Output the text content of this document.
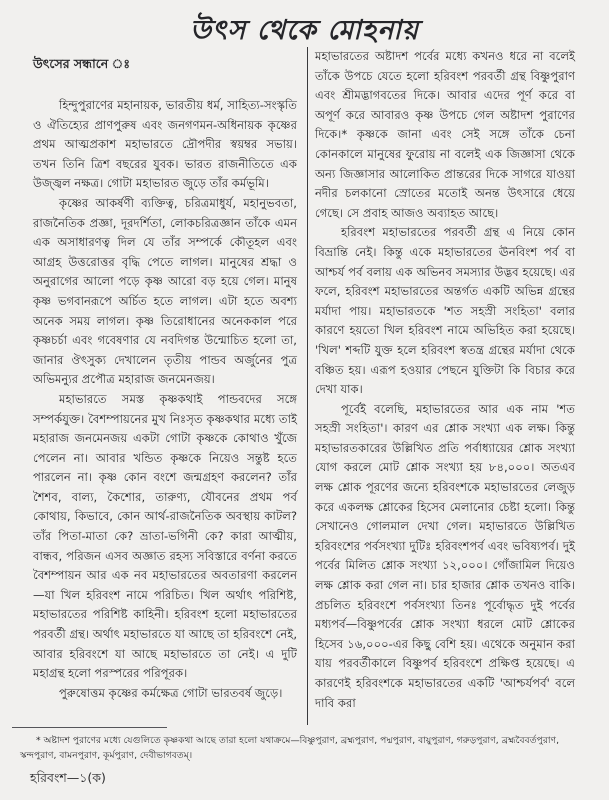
উৎস থেকে মোহনায়
উৎসের সন্ধানে ঃ

হিন্দুপুরাণের মহানায়ক, ভারতীয় ধর্ম, সাহিত্য-সংস্কৃতি ও ঐতিহ্যের প্রাণপুরুষ এবং জনগণমন-অধিনায়ক কৃষ্ণের প্রথম আত্মপ্রকাশ মহাভারতে দ্রৌপদীর স্বয়ম্বর সভায়। তখন তিনি ত্রিশ বছরের যুবক। ভারত রাজনীতিতে এক উজ্জ্বল নক্ষত্র। গোটা মহাভারত জুড়ে তাঁর কর্মভূমি।

কৃষ্ণের আকর্ষণী ব্যক্তিত্ব, চরিত্রমাধুর্য, মহানুভবতা, রাজনৈতিক প্রজ্ঞা, দূরদর্শিতা, লোকচরিত্রজ্ঞান তাঁকে এমন এক অসাধারণত্ব দিল যে তাঁর সম্পর্কে কৌতূহল এবং আগ্রহ উত্তরোত্তর বৃদ্ধি পেতে লাগল। মানুষের শ্রদ্ধা ও অনুরাগের আলো পড়ে কৃষ্ণ আরো বড় হয়ে গেল। মানুষ কৃষ্ণ ভগবানরূপে অর্চিত হতে লাগল। এটা হতে অবশ্য অনেক সময় লাগল। কৃষ্ণ তিরোধানের অনেককাল পরে কৃষ্ণচর্চা এবং গবেষণার যে নবদিগন্ত উন্মোচিত হলো তা, জানার ঔৎসুক্য দেখালেন তৃতীয় পান্ডব অর্জুনের পুত্র অভিমন্যুর প্রপৌত্র মহারাজ জনমেনজয়।

মহাভারতে সমস্ত কৃষ্ণকথাই পান্ডবদের সঙ্গে সম্পর্কযুক্ত। বৈশম্পায়নের মুখ নিঃসৃত কৃষ্ণকথার মধ্যে তাই মহারাজ জনমেনজয় একটা গোটা কৃষ্ণকে কোথাও খুঁজে পেলেন না। আবার খন্ডিত কৃষ্ণকে নিয়েও সন্তুষ্ট হতে পারলেন না। কৃষ্ণ কোন বংশে জন্মগ্রহণ করলেন? তাঁর শৈশব, বাল্য, কৈশোর, তারুণ্য, যৌবনের প্রথম পর্ব কোথায়, কিভাবে, কোন আর্থ-রাজনৈতিক অবস্থায় কাটল? তাঁর পিতা-মাতা কে? ভ্রাতা-ভগিনী কে? কারা আত্মীয়, বান্ধব, পরিজন এসব অজ্ঞাত রহস্য সবিস্তারে বর্ণনা করতে বৈশম্পায়ন আর এক নব মহাভারতের অবতারণা করলেন —যা খিল হরিবংশ নামে পরিচিত। খিল অর্থাৎ পরিশিষ্ট, মহাভারতের পরিশিষ্ট কাহিনী। হরিবংশ হলো মহাভারতের পরবর্তী গ্রন্থ। অর্থাৎ মহাভারতে যা আছে তা হরিবংশে নেই, আবার হরিবংশে যা আছে মহাভারতে তা নেই। এ দুটি মহাগ্রন্থ হলো পরস্পরের পরিপূরক।

পুরুষোত্তম কৃষ্ণের কর্মক্ষেত্র গোটা ভারতবর্ষ জুড়ে।

মহাভারতের অষ্টাদশ পর্বের মধ্যে কখনও ধরে না বলেই তাঁকে উপচে যেতে হলো হরিবংশ পরবর্তী গ্রন্থ বিষ্ণুপুরাণ এবং শ্রীমদ্ভাগবতের দিকে। আবার এদের পূর্ণ করে বা অপূর্ণ করে আবারও কৃষ্ণ উপচে গেল অষ্টাদশ পুরাণের দিকে।* কৃষ্ণকে জানা এবং সেই সঙ্গে তাঁকে চেনা কোনকালে মানুষের ফুরোয় না বলেই এক জিজ্ঞাসা থেকে অন্য জিজ্ঞাসার আলোকিত প্রান্তরের দিকে সাগরে যাওয়া নদীর চলকানো স্রোতের মতোই অনন্ত উৎসারে ধেয়ে গেছে। সে প্রবাহ আজও অব্যাহত আছে।

হরিবংশ মহাভারতের পরবর্তী গ্রন্থ এ নিয়ে কোন বিভ্রান্তি নেই। কিন্তু একে মহাভারতের ঊনবিংশ পর্ব বা আশ্চর্য পর্ব বলায় এক অভিনব সমস্যার উদ্ভব হয়েছে। এর ফলে, হরিবংশ মহাভারতের অন্তর্গত একটি অভিন্ন গ্রন্থের মর্যাদা পায়। মহাভারতকে 'শত সহস্রী সংহিতা' বলার কারণে হয়তো খিল হরিবংশ নামে অভিহিত করা হয়েছে। 'খিল' শব্দটি যুক্ত হলে হরিবংশ স্বতন্ত্র গ্রন্থের মর্যাদা থেকে বঞ্চিত হয়। এরূপ হওয়ার পেছনে যুক্তিটা কি বিচার করে দেখা যাক।

পূর্বেই বলেছি, মহাভারতের আর এক নাম 'শত সহস্রী সংহিতা'। কারণ এর শ্লোক সংখ্যা এক লক্ষ। কিন্তু মহাভারতকারের উল্লিখিত প্রতি পর্বাধ্যায়ের শ্লোক সংখ্যা যোগ করলে মোট শ্লোক সংখ্যা হয় ৮৪,০০০। অতএব লক্ষ শ্লোক পূরণের জন্যে হরিবংশকে মহাভারতের লেজুড় করে একলক্ষ শ্লোকের হিসেব মেলানোর চেষ্টা হলো। কিন্তু সেখানেও গোলমাল দেখা গেল। মহাভারতে উল্লিখিত হরিবংশের পর্বসংখ্যা দুটিঃ হরিবংশপর্ব এবং ভবিষ্যপর্ব। দুই পর্বের মিলিত শ্লোক সংখ্যা ১২,০০০। গোঁজামিল দিয়েও লক্ষ শ্লোক করা গেল না। চার হাজার শ্লোক তখনও বাকি। প্রচলিত হরিবংশে পর্বসংখ্যা তিনঃ পূর্বোদ্ধৃত দুই পর্বের মধ্যপর্ব—বিষ্ণুপর্বের শ্লোক সংখ্যা ধরলে মোট শ্লোকের হিসেব ১৬,০০০-এর কিছু বেশি হয়। এথেকে অনুমান করা যায় পরবর্তীকালে বিষ্ণুপর্ব হরিবংশে প্রক্ষিপ্ত হয়েছে। এ কারণেই হরিবংশকে মহাভারতের একটি 'আশ্চর্যপর্ব' বলে দাবি করা

* অষ্টাদশ পুরাণের মধ্যে যেগুলিতে কৃষ্ণকথা আছে তারা হলো যথাক্রমে—বিষ্ণুপুরাণ, ব্রহ্মপুরাণ, পদ্মপুরাণ, বায়ুপুরাণ, গরুড়পুরাণ, ব্রহ্মবৈবর্তপুরাণ, স্কন্দপুরাণ, বামনপুরাণ, কূর্মপুরাণ, দেবীভাগবতম্।
হরিবংশ—১(ক)
